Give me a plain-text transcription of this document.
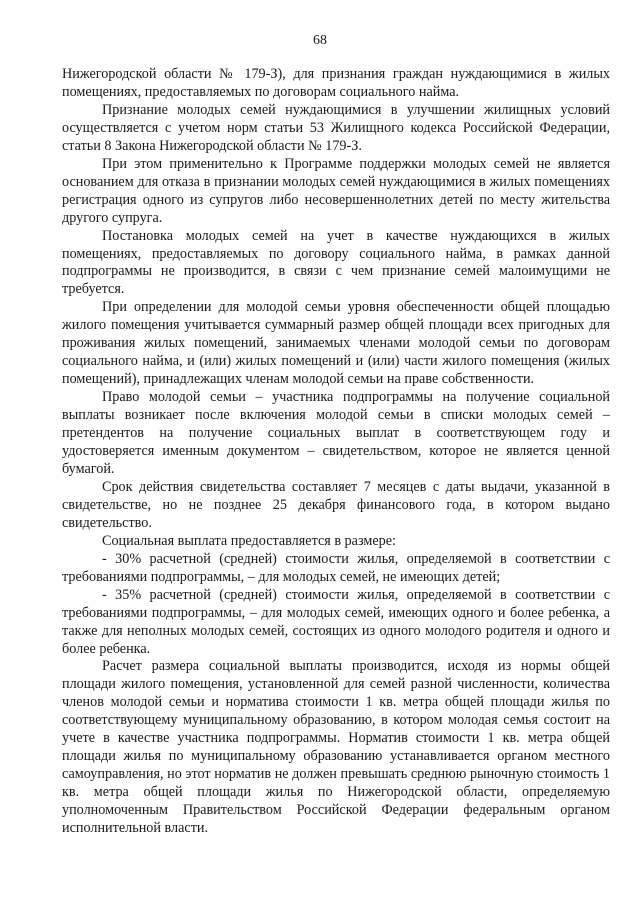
68

Нижегородской области № 179-З), для признания граждан нуждающимися в жилых помещениях, предоставляемых по договорам социального найма.

Признание молодых семей нуждающимися в улучшении жилищных условий осуществляется с учетом норм статьи 53 Жилищного кодекса Российской Федерации, статьи 8 Закона Нижегородской области № 179-З.

При этом применительно к Программе поддержки молодых семей не является основанием для отказа в признании молодых семей нуждающимися в жилых помещениях регистрация одного из супругов либо несовершеннолетних детей по месту жительства другого супруга.

Постановка молодых семей на учет в качестве нуждающихся в жилых помещениях, предоставляемых по договору социального найма, в рамках данной подпрограммы не производится, в связи с чем признание семей малоимущими не требуется.

При определении для молодой семьи уровня обеспеченности общей площадью жилого помещения учитывается суммарный размер общей площади всех пригодных для проживания жилых помещений, занимаемых членами молодой семьи по договорам социального найма, и (или) жилых помещений и (или) части жилого помещения (жилых помещений), принадлежащих членам молодой семьи на праве собственности.

Право молодой семьи – участника подпрограммы на получение социальной выплаты возникает после включения молодой семьи в списки молодых семей – претендентов на получение социальных выплат в соответствующем году и удостоверяется именным документом – свидетельством, которое не является ценной бумагой.

Срок действия свидетельства составляет 7 месяцев с даты выдачи, указанной в свидетельстве, но не позднее 25 декабря финансового года, в котором выдано свидетельство.

Социальная выплата предоставляется в размере:

- 30% расчетной (средней) стоимости жилья, определяемой в соответствии с требованиями подпрограммы, – для молодых семей, не имеющих детей;

- 35% расчетной (средней) стоимости жилья, определяемой в соответствии с требованиями подпрограммы, – для молодых семей, имеющих одного и более ребенка, а также для неполных молодых семей, состоящих из одного молодого родителя и одного и более ребенка.

Расчет размера социальной выплаты производится, исходя из нормы общей площади жилого помещения, установленной для семей разной численности, количества членов молодой семьи и норматива стоимости 1 кв. метра общей площади жилья по соответствующему муниципальному образованию, в котором молодая семья состоит на учете в качестве участника подпрограммы. Норматив стоимости 1 кв. метра общей площади жилья по муниципальному образованию устанавливается органом местного самоуправления, но этот норматив не должен превышать среднюю рыночную стоимость 1 кв. метра общей площади жилья по Нижегородской области, определяемую уполномоченным Правительством Российской Федерации федеральным органом исполнительной власти.
